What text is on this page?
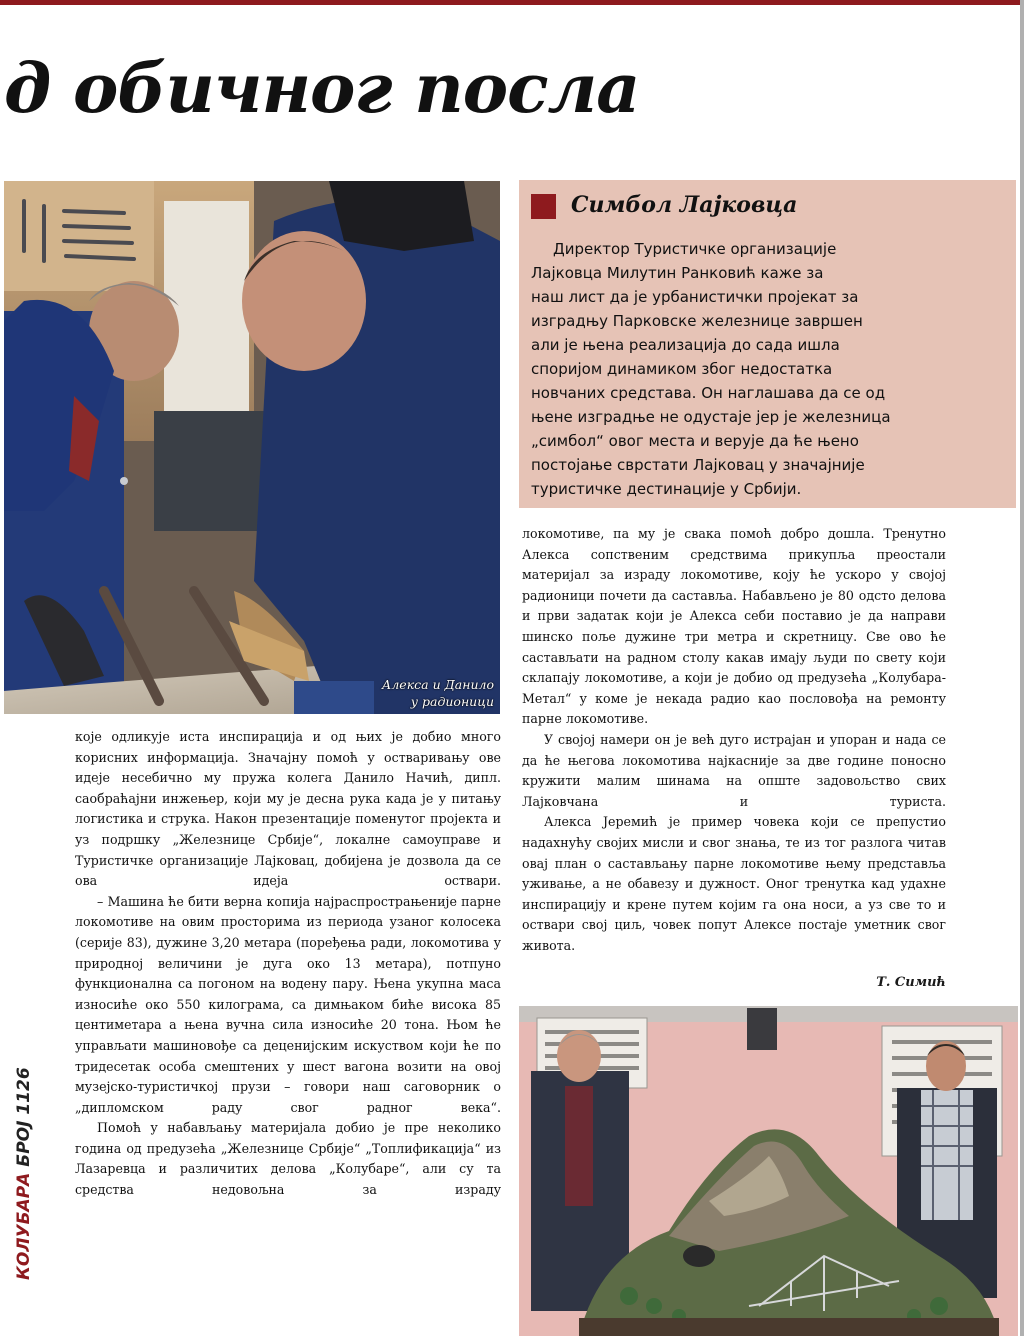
д обичног посла
Алекса и Данило
у радионици
Симбол Лајковца
Директор Туристичке организације
Лајковца Милутин Ранковић каже за
наш лист да је урбанистички пројекат за
изградњу Парковске железнице завршен
али је њена реализација до сада ишла
споријом динамиком због недостатка
новчаних средстава. Он наглашава да се од
њене изградње не одустаје јер је железница
„симбол“ овог места и верује да ће њено
постојање сврстати Лајковац у значајније
туристичке дестинације у Србији.

које одликује иста инспирација и од њих је добио много корисних информација. Значајну помоћ у остваривању ове идеје несебично му пружа колега Данило Начић, дипл. саобраћајни инжењер, који му је десна рука када је у питању логистика и струка. Након презентације поменутог пројекта и уз подршку „Железнице Србије“, локалне самоуправе и Туристичке организације Лајковац, добијена је дозвола да се ова идеја оствари.

– Машина ће бити верна копија најраспрострањеније парне локомотиве на овим просторима из периода узаног колосека (серије 83), дужине 3,20 метара (поређења ради, локомотива у природној величини је дуга око 13 метара), потпуно функционална са погоном на водену пару. Њена укупна маса износиће око 550 килограма, са димњаком биће висока 85 центиметара а њена вучна сила износиће 20 тона. Њом ће управљати машиновође са деценијским искуством који ће по тридесетак особа смештених у шест вагона возити на овој музејско-туристичкој прузи – говори наш саговорник о „дипломском раду свог радног века“.

Помоћ у набављању материјала добио је пре неколико година од предузећа „Железнице Србије“ „Топлификација“ из Лазаревца и различитих делова „Колубаре“, али су та средства недовољна за израду

локомотиве, па му је свака помоћ добро дошла. Тренутно Алекса сопственим средствима прикупља преостали материјал за израду локомотиве, коју ће ускоро у својој радионици почети да саставља. Набављено је 80 одсто делова и први задатак који је Алекса себи поставио је да направи шинско поље дужине три метра и скретницу. Све ово ће састављати на радном столу какав имају људи по свету који склапају локомотиве, а који је добио од предузећа „Колубара-Метал“ у коме је некада радио као пословођа на ремонту парне локомотиве.

У својој намери он је већ дуго истрајан и упоран и нада се да ће његова локомотива најкасније за две године поносно кружити малим шинама на опште задовољство свих Лајковчана и туриста.

Алекса Јеремић је пример човека који се препустио надахнућу својих мисли и свог знања, те из тог разлога читав овај план о састављању парне локомотиве њему представља уживање, а не обавезу и дужност. Оног тренутка кад удахне инспирацију и крене путем којим га она носи, а уз све то и оствари свој циљ, човек попут Алексе постаје уметник свог живота.

Т. Симић
КОЛУБАРА БРОЈ 1126
